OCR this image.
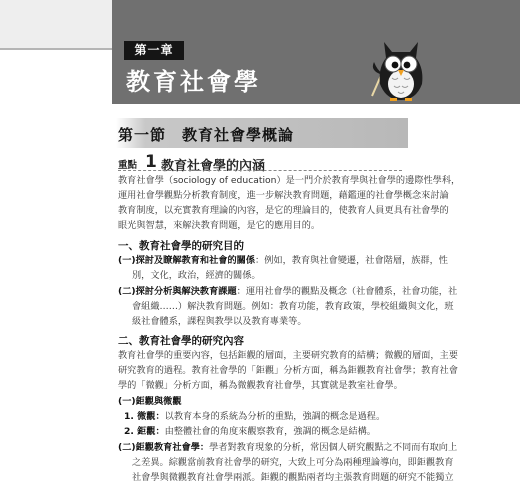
第一章
教育社會學
第一節　教育社會學概論
重點 1 教育社會學的內涵
教育社會學（sociology of education）是一門介於教育學與社會學的邊際性學科，
運用社會學觀點分析教育制度，進一步解決教育問題，藉鑑運的社會學概念來討論
教育制度，以充實教育理論的內容，是它的理論目的，使教育人員更具有社會學的
眼光與智慧，來解決教育問題，是它的應用目的。
一、教育社會學的研究目的
(一)探討及瞭解教育和社會的關係：例如，教育與社會變遷，社會階層，族群，性
別，文化，政治，經濟的關係。
(二)探討分析與解決教育課題：運用社會學的觀點及概念（社會體系，社會功能，社
會組織……）解決教育問題。例如：教育功能，教育政策，學校組織與文化，班
級社會體系，課程與教學以及教育專業等。
二、教育社會學的研究內容
教育社會學的重要內容，包括鉅觀的層面，主要研究教育的結構；微觀的層面，主要
研究教育的過程。教育社會學的「鉅觀」分析方面，稱為鉅觀教育社會學；教育社會
學的「微觀」分析方面，稱為微觀教育社會學，其實就是教室社會學。
(一)鉅觀與微觀
1. 微觀：以教育本身的系統為分析的重點，強調的概念是過程。
2. 鉅觀：由整體社會的角度來觀察教育，強調的概念是結構。
(二)鉅觀教育社會學：學者對教育現象的分析，常因個人研究觀點之不同而有取向上
之差異。綜觀當前教育社會學的研究，大致上可分為兩種理論導向，即鉅觀教育
社會學與微觀教育社會學兩派。鉅觀的觀點兩者均主張教育問題的研究不能獨立
